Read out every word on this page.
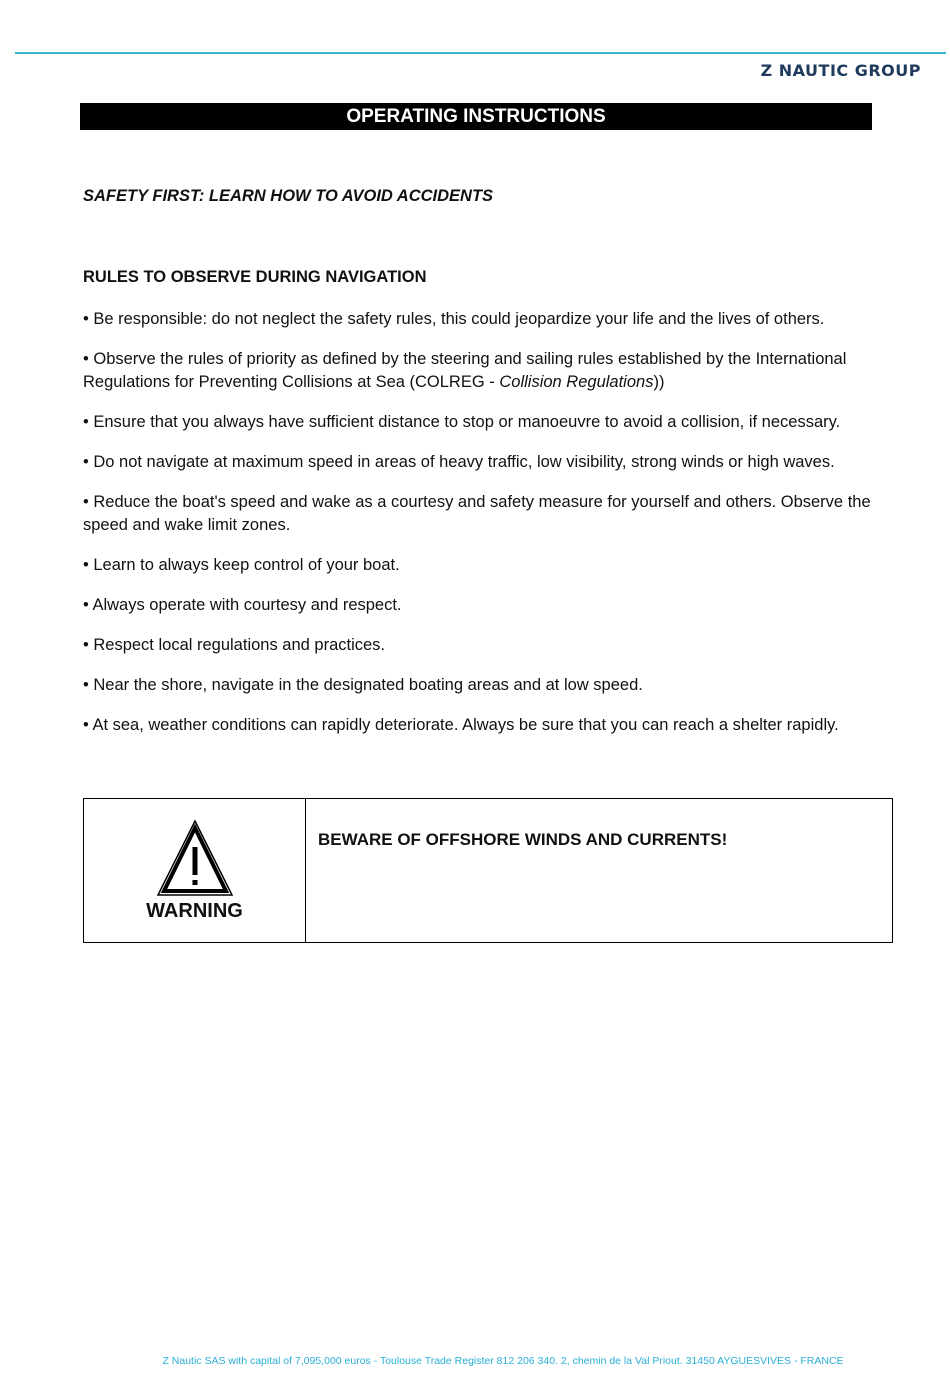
Z NAUTIC GROUP
OPERATING INSTRUCTIONS
SAFETY FIRST: LEARN HOW TO AVOID ACCIDENTS
RULES TO OBSERVE DURING NAVIGATION
• Be responsible: do not neglect the safety rules, this could jeopardize your life and the lives of others.
• Observe the rules of priority as defined by the steering and sailing rules established by the International Regulations for Preventing Collisions at Sea (COLREG - Collision Regulations))
• Ensure that you always have sufficient distance to stop or manoeuvre to avoid a collision, if necessary.
• Do not navigate at maximum speed in areas of heavy traffic, low visibility, strong winds or high waves.
• Reduce the boat's speed and wake as a courtesy and safety measure for yourself and others. Observe the speed and wake limit zones.
• Learn to always keep control of your boat.
• Always operate with courtesy and respect.
• Respect local regulations and practices.
• Near the shore, navigate in the designated boating areas and at low speed.
• At sea, weather conditions can rapidly deteriorate. Always be sure that you can reach a shelter rapidly.
WARNING
BEWARE OF OFFSHORE WINDS AND CURRENTS!
Z Nautic SAS with capital of 7,095,000 euros - Toulouse Trade Register 812 206 340. 2, chemin de la Val Priout. 31450 AYGUESVIVES - FRANCE
